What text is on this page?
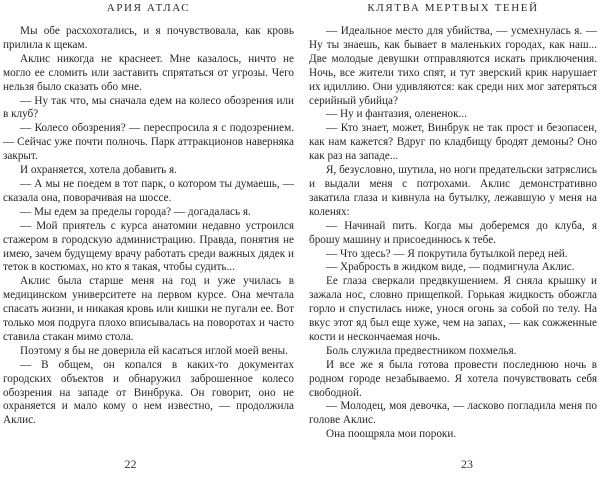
АРИЯ АТЛАС

Мы обе расхохотались, и я почувствовала, как кровь прилила к щекам.

Аклис никогда не краснеет. Мне казалось, ничто не могло ее сломить или заставить спрятаться от угрозы. Чего нельзя было сказать обо мне.

— Ну так что, мы сначала едем на колесо обозрения или в клуб?

— Колесо обозрения? — переспросила я с подозрением. — Сейчас уже почти полночь. Парк аттракционов наверняка закрыт.

И охраняется, хотела добавить я.

— А мы не поедем в тот парк, о котором ты думаешь, — сказала она, поворачивая на шоссе.

— Мы едем за пределы города? — догадалась я.

— Мой приятель с курса анатомии недавно устроился стажером в городскую администрацию. Правда, понятия не имею, зачем будущему врачу работать среди важных дядек и теток в костюмах, но кто я такая, чтобы судить...

Аклис была старше меня на год и уже училась в медицинском университете на первом курсе. Она мечтала спасать жизни, и никакая кровь или кишки не пугали ее. Вот только моя подруга плохо вписывалась на поворотах и часто ставила стакан мимо стола.

Поэтому я бы не доверила ей касаться иглой моей вены.

— В общем, он копался в каких-то документах городских объектов и обнаружил заброшенное колесо обозрения на западе от Винбрука. Он говорит, оно не охраняется и мало кому о нем известно, — продолжила Аклис.

22
КЛЯТВА МЕРТВЫХ ТЕНЕЙ

— Идеальное место для убийства, — усмехнулась я. — Ну ты знаешь, как бывает в маленьких городах, как наш... Две молодые девушки отправляются искать приключения. Ночь, все жители тихо спят, и тут зверский крик нарушает их идиллию. Они удивляются: как среди них мог затеряться серийный убийца?

— Ну и фантазия, олененок...

— Кто знает, может, Винбрук не так прост и безопасен, как нам кажется? Вдруг по кладбищу бродят демоны? Оно как раз на западе...

Я, безусловно, шутила, но ноги предательски затряслись и выдали меня с потрохами. Аклис демонстративно закатила глаза и кивнула на бутылку, лежавшую у меня на коленях:

— Начинай пить. Когда мы доберемся до клуба, я брошу машину и присоединюсь к тебе.

— Что здесь? — Я покрутила бутылкой перед ней.

— Храбрость в жидком виде, — подмигнула Аклис.

Ее глаза сверкали предвкушением. Я сняла крышку и зажала нос, словно прищепкой. Горькая жидкость обожгла горло и спустилась ниже, унося огонь за собой по телу. На вкус этот яд был еще хуже, чем на запах, — как сожженные кости и нескончаемая ночь.

Боль служила предвестником похмелья.

И все же я была готова провести последнюю ночь в родном городе незабываемо. Я хотела почувствовать себя свободной.

— Молодец, моя девочка, — ласково погладила меня по голове Аклис.

Она поощряла мои пороки.

23
